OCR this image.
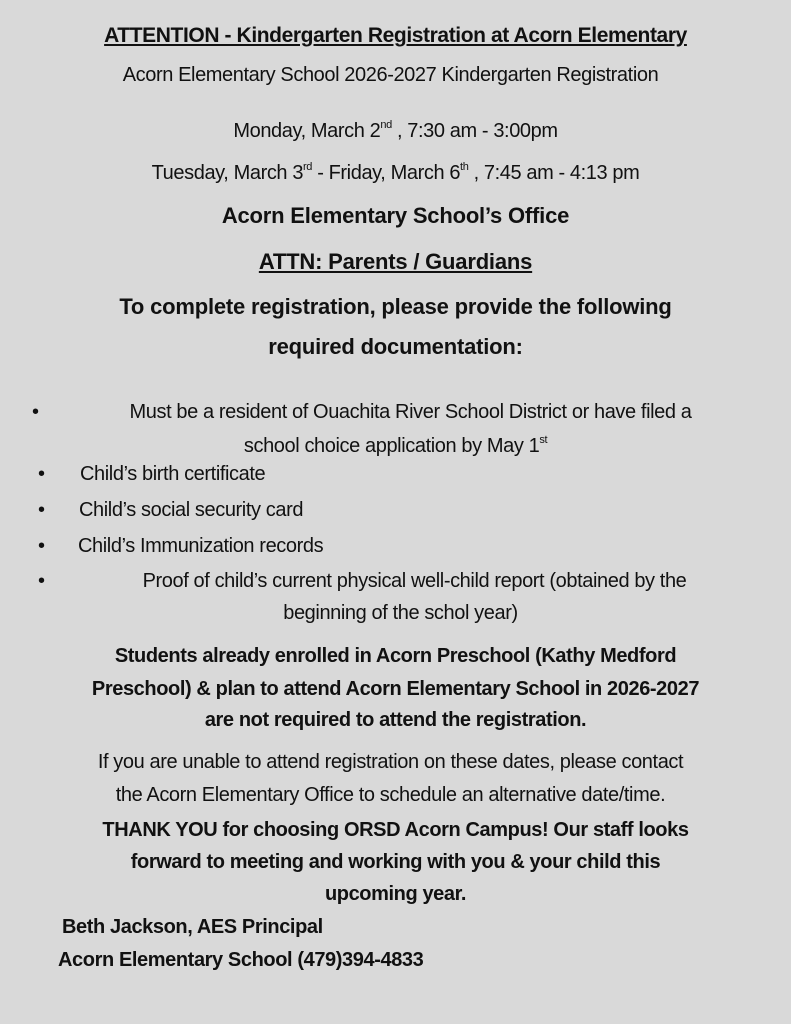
ATTENTION - Kindergarten Registration at Acorn Elementary
Acorn Elementary School 2026-2027 Kindergarten Registration
Monday, March 2nd , 7:30 am - 3:00pm
Tuesday, March 3rd - Friday, March 6th , 7:45 am - 4:13 pm
Acorn Elementary School’s Office
ATTN: Parents / Guardians
To complete registration, please provide the following
required documentation:
•	Must be a resident of Ouachita River School District or have filed a
school choice application by May 1st
• Child’s birth certificate
• Child’s social security card
• Child’s Immunization records
•	Proof of child’s current physical well-child report (obtained by the
beginning of the schol year)
Students already enrolled in Acorn Preschool (Kathy Medford
Preschool) & plan to attend Acorn Elementary School in 2026-2027
are not required to attend the registration.
If you are unable to attend registration on these dates, please contact
the Acorn Elementary Office to schedule an alternative date/time.
THANK YOU for choosing ORSD Acorn Campus! Our staff looks
forward to meeting and working with you & your child this
upcoming year.
Beth Jackson, AES Principal
Acorn Elementary School (479)394-4833
